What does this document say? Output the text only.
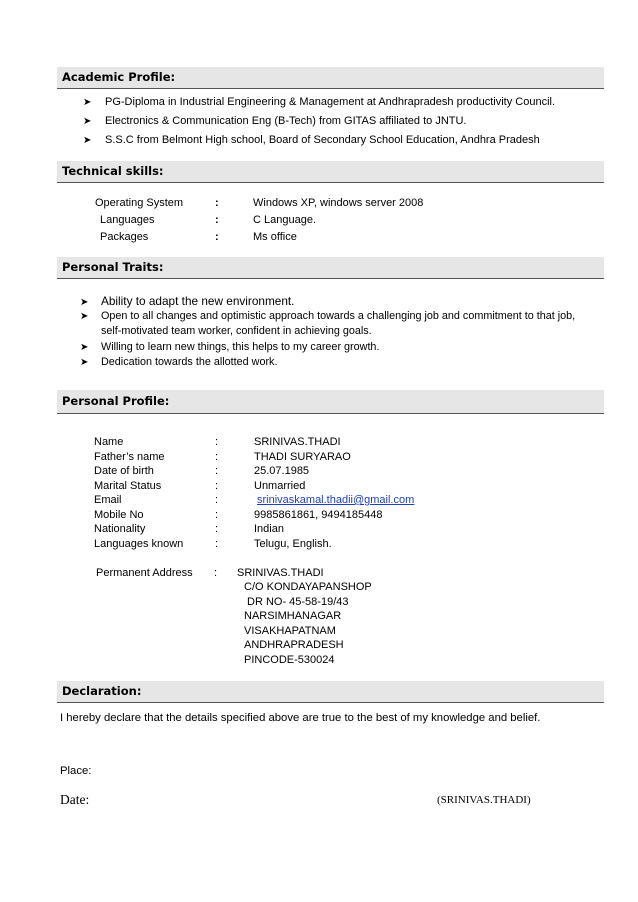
Academic Profile:
➤ PG-Diploma in Industrial Engineering & Management at Andhrapradesh productivity Council.
➤ Electronics & Communication Eng (B-Tech) from GITAS affiliated to JNTU.
➤ S.S.C from Belmont High school, Board of Secondary School Education, Andhra Pradesh
Technical skills:
Operating System	:	Windows XP, windows server 2008
Languages	:	C Language.
Packages	:	Ms office
Personal Traits:
➤ Ability to adapt the new environment.
➤ Open to all changes and optimistic approach towards a challenging job and commitment to that job,
self-motivated team worker, confident in achieving goals.
➤ Willing to learn new things, this helps to my career growth.
➤ Dedication towards the allotted work.
Personal Profile:
Name	:	SRINIVAS.THADI
Father’s name	:	THADI SURYARAO
Date of birth	:	25.07.1985
Marital Status	:	Unmarried
Email	:	srinivaskamal.thadii@gmail.com
Mobile No	:	9985861861, 9494185448
Nationality	:	Indian
Languages known	:	Telugu, English.
Permanent Address : SRINIVAS.THADI
C/O KONDAYAPANSHOP
DR NO- 45-58-19/43
NARSIMHANAGAR
VISAKHAPATNAM
ANDHRAPRADESH
PINCODE-530024
Declaration:
I hereby declare that the details specified above are true to the best of my knowledge and belief.
Place:
Date:	(SRINIVAS.THADI)
